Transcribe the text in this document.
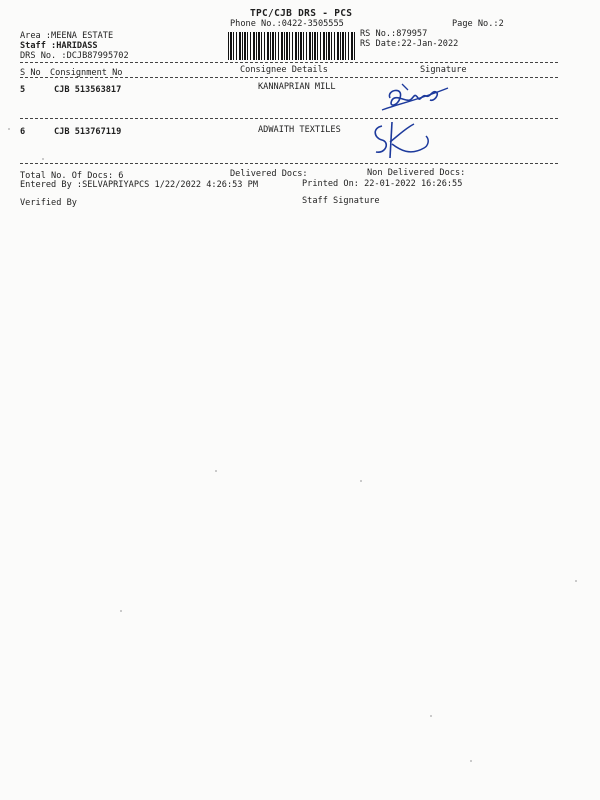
TPC/CJB DRS - PCS
Phone No.:0422-3505555	Page No.:2
Area :MEENA ESTATE
Staff :HARIDASS
DRS No. :DCJB87995702
RS No.:879957
RS Date:22-Jan-2022
S No Consignment No	Consignee Details	Signature
5	CJB 513563817	KANNAPRIAN MILL
6	CJB 513767119	ADWAITH TEXTILES
Total No. Of Docs: 6	Delivered Docs:	Non Delivered Docs:
Entered By :SELVAPRIYAPCS 1/22/2022 4:26:53 PM	Printed On: 22-01-2022 16:26:55
Verified By	Staff Signature
